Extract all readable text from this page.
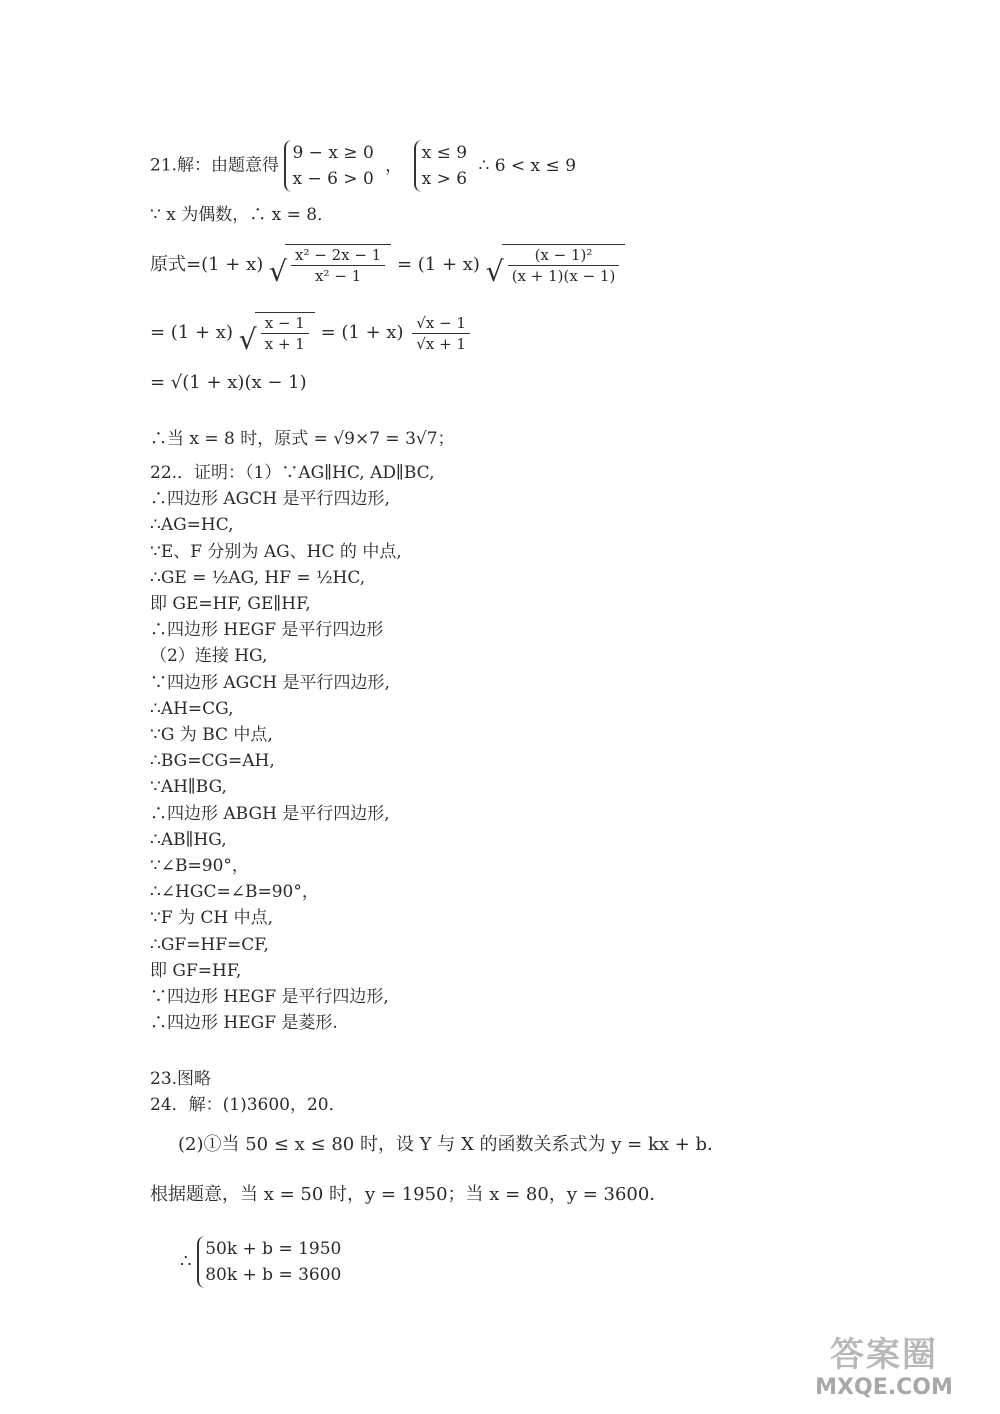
21.解：由题意得
9 − x ≥ 0
x − 6 > 0
，
x ≤ 9
x > 6
∴ 6 < x ≤ 9
∵ x 为偶数，∴ x = 8．
原式=(1 + x) √ $\frac{\text{x² − 2x − 1}}{\text{x² − 1}} = (1 + x)$ √ $\frac{\text{(x − 1)²}}{(x + 1)(x - 1)}$
= (1 + x) √ $\frac{x - 1}{x + 1} = (1 + x) \frac{√x - 1}{√x + 1}$
= √(1 + x)(x − 1)
∴当 x = 8 时，原式 = √9×7 = 3√7；
22.．证明：（1）∵AG∥HC, AD∥BC,
∴四边形 AGCH 是平行四边形,
∴AG=HC,
∵E、F 分别为 AG、HC 的 中点,
∴GE = ½AG, HF = ½HC,
即 GE=HF, GE∥HF,
∴四边形 HEGF 是平行四边形
（2）连接 HG,
∵四边形 AGCH 是平行四边形,
∴AH=CG,
∵G 为 BC 中点,
∴BG=CG=AH,
∵AH∥BG,
∴四边形 ABGH 是平行四边形,
∴AB∥HG,
∵∠B=90°，
∴∠HGC=∠B=90°，
∵F 为 CH 中点,
∴GF=HF=CF,
即 GF=HF,
∵四边形 HEGF 是平行四边形,
∴四边形 HEGF 是菱形.
23.图略
24．解：(1)3600，20．
(2)①当 50 ≤ x ≤ 80 时，设 Y 与 X 的函数关系式为 y = kx + b．
根据题意，当 x = 50 时，y = 1950；当 x = 80，y = 3600．
∴
50k + b = 1950
80k + b = 3600
答案圈
MXQE.COM
